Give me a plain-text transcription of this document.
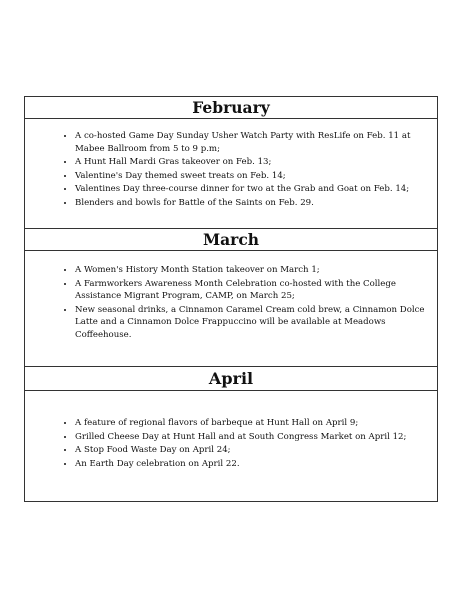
February
• A co-hosted Game Day Sunday Usher Watch Party with ResLife on Feb. 11 at Mabee Ballroom from 5 to 9 p.m;
• A Hunt Hall Mardi Gras takeover on Feb. 13;
• Valentine's Day themed sweet treats on Feb. 14;
• Valentines Day three-course dinner for two at the Grab and Goat on Feb. 14;
• Blenders and bowls for Battle of the Saints on Feb. 29.
March
• A Women's History Month Station takeover on March 1;
• A Farmworkers Awareness Month Celebration co-hosted with the College Assistance Migrant Program, CAMP, on March 25;
• New seasonal drinks, a Cinnamon Caramel Cream cold brew, a Cinnamon Dolce Latte and a Cinnamon Dolce Frappuccino will be available at Meadows Coffeehouse.
April
• A feature of regional flavors of barbeque at Hunt Hall on April 9;
• Grilled Cheese Day at Hunt Hall and at South Congress Market on April 12;
• A Stop Food Waste Day on April 24;
• An Earth Day celebration on April 22.
